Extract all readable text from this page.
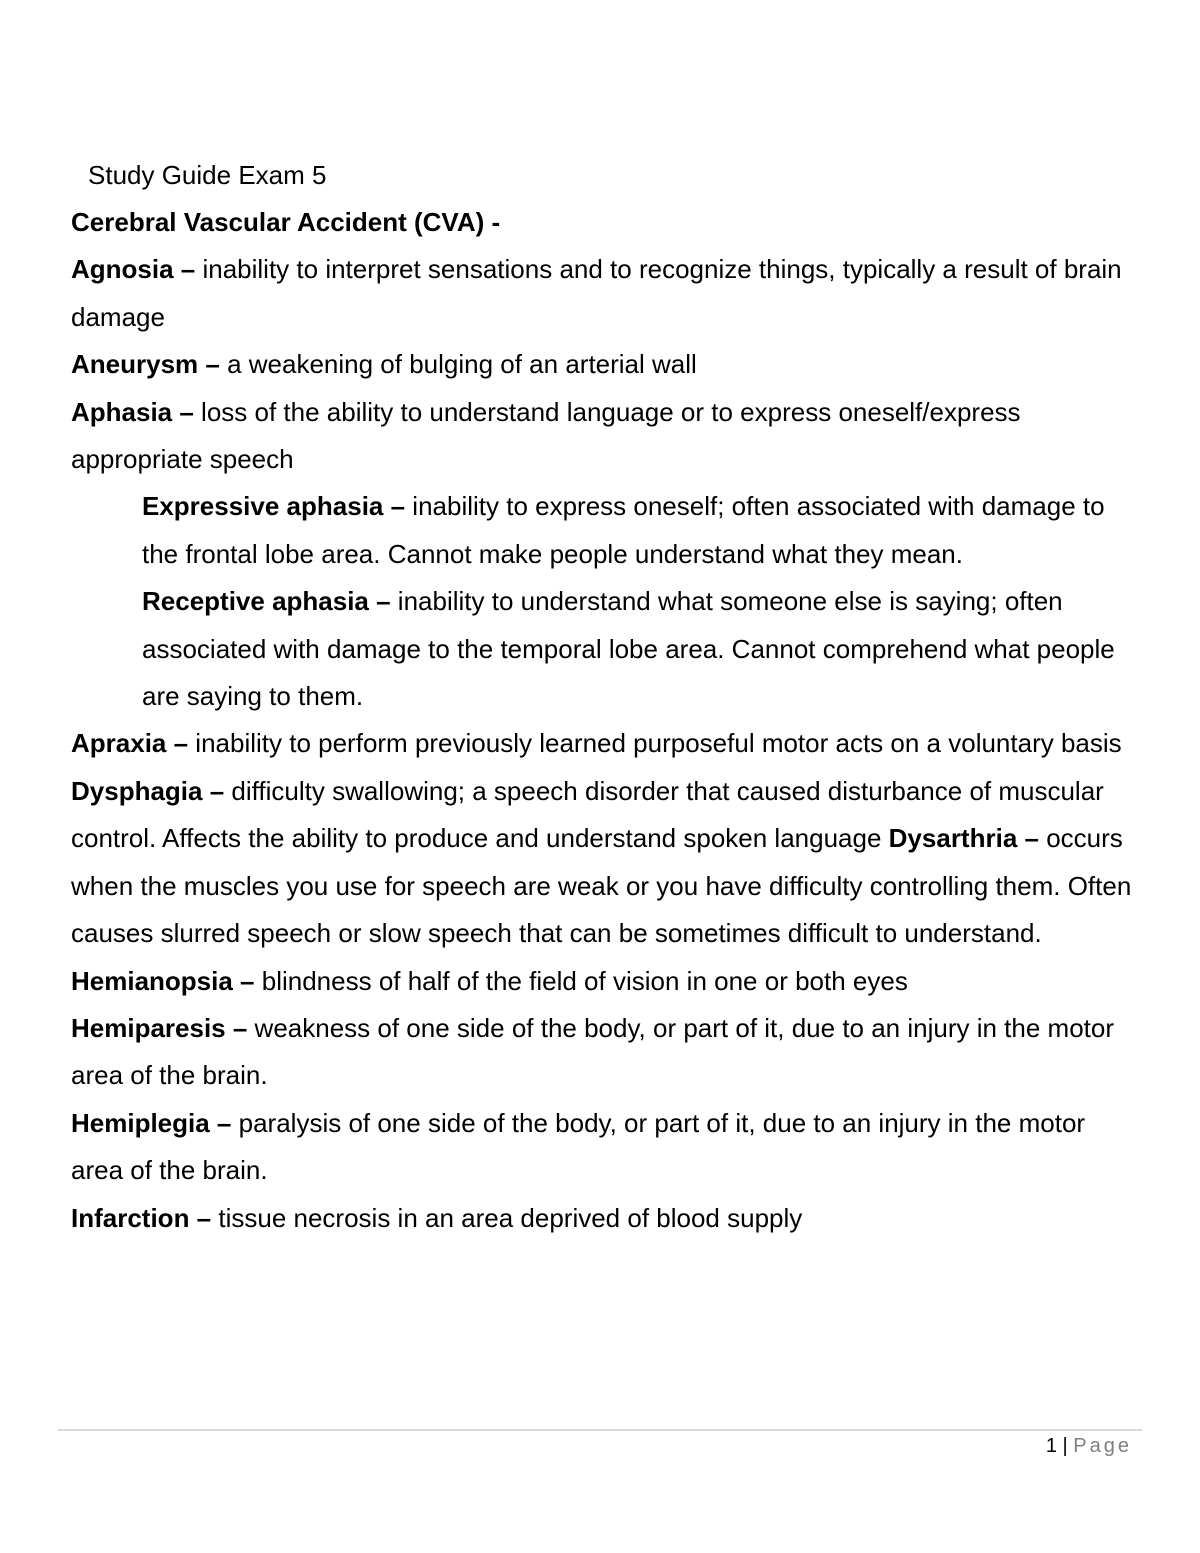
Study Guide Exam 5

Cerebral Vascular Accident (CVA) -

Agnosia – inability to interpret sensations and to recognize things, typically a result of brain damage

Aneurysm – a weakening of bulging of an arterial wall

Aphasia – loss of the ability to understand language or to express oneself/express appropriate speech

Expressive aphasia – inability to express oneself; often associated with damage to the frontal lobe area. Cannot make people understand what they mean.

Receptive aphasia – inability to understand what someone else is saying; often associated with damage to the temporal lobe area. Cannot comprehend what people are saying to them.

Apraxia – inability to perform previously learned purposeful motor acts on a voluntary basis

Dysphagia – difficulty swallowing; a speech disorder that caused disturbance of muscular control. Affects the ability to produce and understand spoken language Dysarthria – occurs when the muscles you use for speech are weak or you have difficulty controlling them. Often causes slurred speech or slow speech that can be sometimes difficult to understand.

Hemianopsia – blindness of half of the field of vision in one or both eyes

Hemiparesis – weakness of one side of the body, or part of it, due to an injury in the motor area of the brain.

Hemiplegia – paralysis of one side of the body, or part of it, due to an injury in the motor area of the brain.

Infarction – tissue necrosis in an area deprived of blood supply

1 | Page
